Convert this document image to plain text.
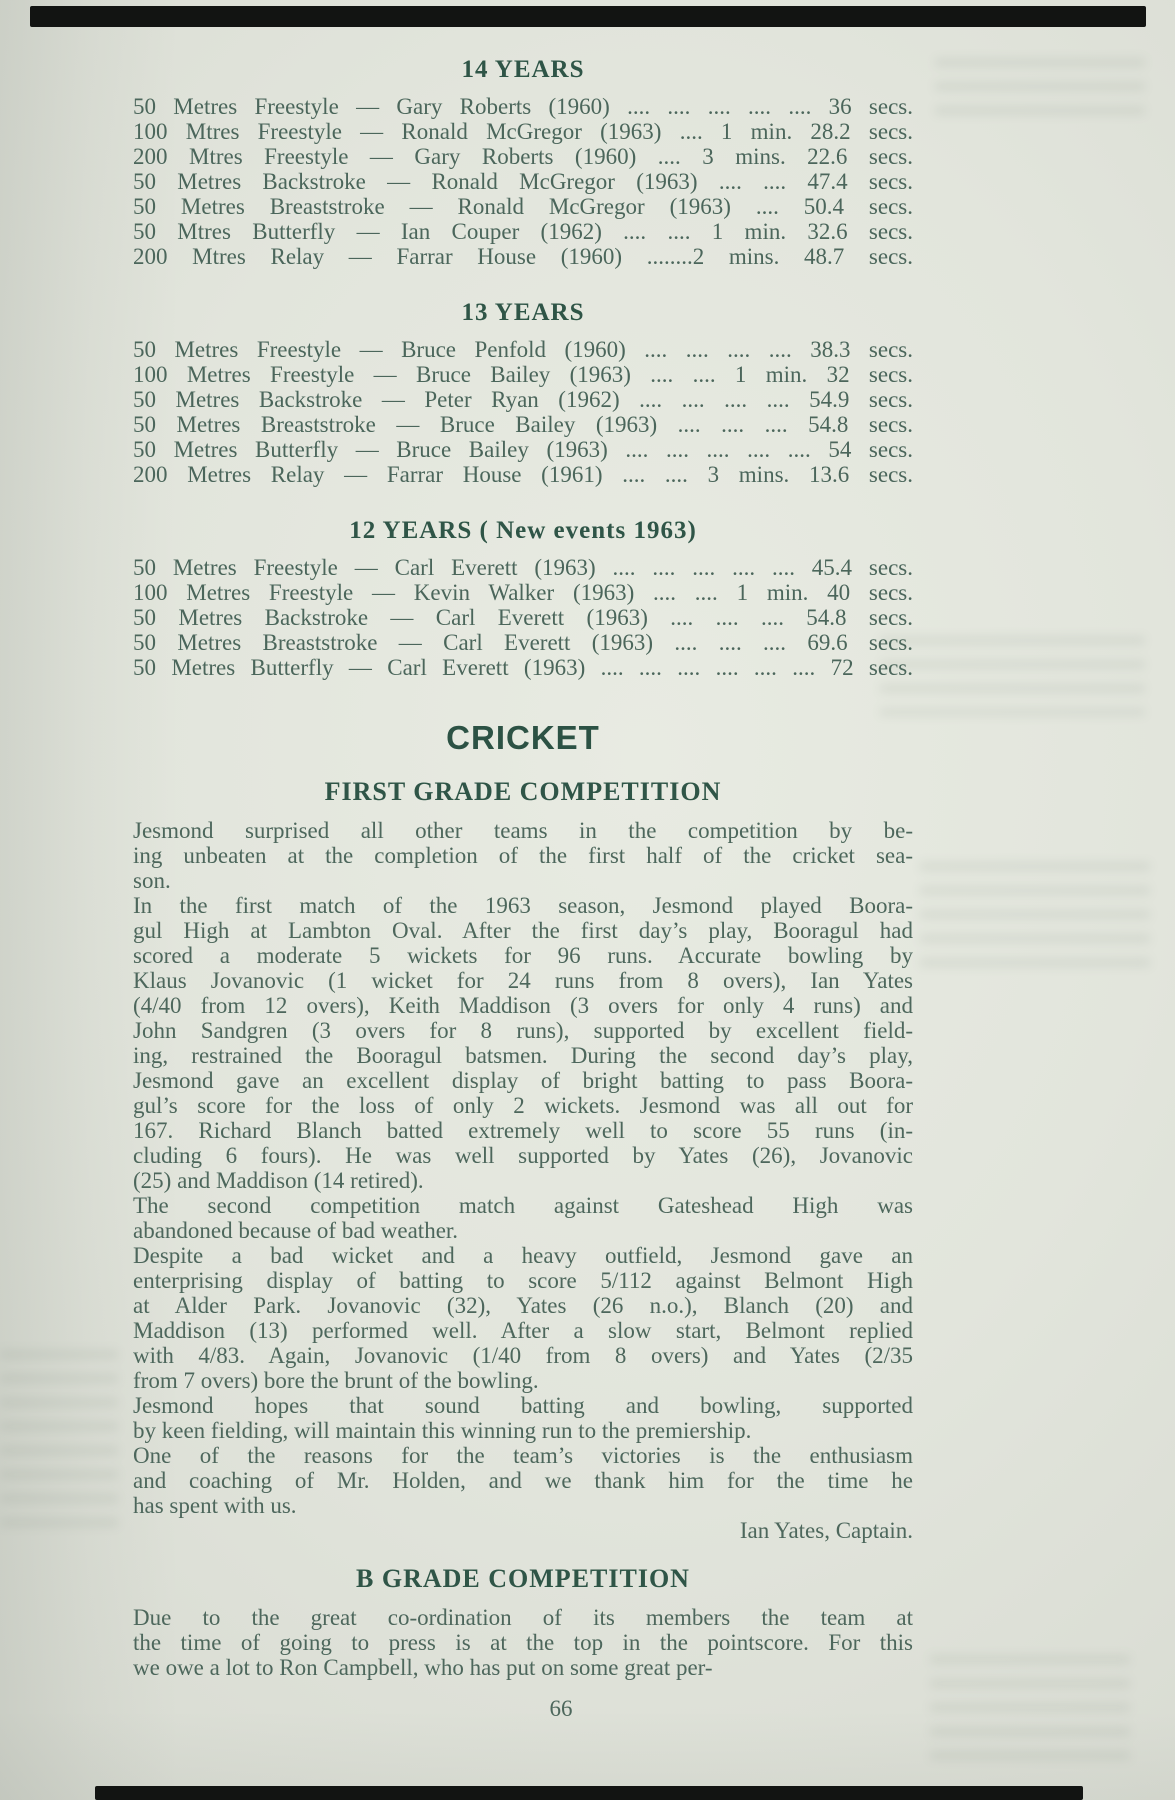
14 YEARS
50 Metres Freestyle — Gary Roberts (1960) .... .... .... .... .... 36 secs.
100 Mtres Freestyle — Ronald McGregor (1963) .... 1 min. 28.2 secs.
200 Mtres Freestyle — Gary Roberts (1960) .... 3 mins. 22.6 secs.
50 Metres Backstroke — Ronald McGregor (1963) .... .... 47.4 secs.
50 Metres Breaststroke — Ronald McGregor (1963) .... 50.4 secs.
50 Mtres Butterfly — Ian Couper (1962) .... .... 1 min. 32.6 secs.
200 Mtres Relay — Farrar House (1960) ........2 mins. 48.7 secs.
13 YEARS
50 Metres Freestyle — Bruce Penfold (1960) .... .... .... .... 38.3 secs.
100 Metres Freestyle — Bruce Bailey (1963) .... .... 1 min. 32 secs.
50 Metres Backstroke — Peter Ryan (1962) .... .... .... .... 54.9 secs.
50 Metres Breaststroke — Bruce Bailey (1963) .... .... .... 54.8 secs.
50 Metres Butterfly — Bruce Bailey (1963) .... .... .... .... .... 54 secs.
200 Metres Relay — Farrar House (1961) .... .... 3 mins. 13.6 secs.
12 YEARS ( New events 1963)
50 Metres Freestyle — Carl Everett (1963) .... .... .... .... .... 45.4 secs.
100 Metres Freestyle — Kevin Walker (1963) .... .... 1 min. 40 secs.
50 Metres Backstroke — Carl Everett (1963) .... .... .... 54.8 secs.
50 Metres Breaststroke — Carl Everett (1963) .... .... .... 69.6 secs.
50 Metres Butterfly — Carl Everett (1963) .... .... .... .... .... .... 72 secs.
CRICKET
FIRST GRADE COMPETITION
Jesmond surprised all other teams in the competition by be-
ing unbeaten at the completion of the first half of the cricket sea-
son.
In the first match of the 1963 season, Jesmond played Boora-
gul High at Lambton Oval. After the first day’s play, Booragul had
scored a moderate 5 wickets for 96 runs. Accurate bowling by
Klaus Jovanovic (1 wicket for 24 runs from 8 overs), Ian Yates
(4/40 from 12 overs), Keith Maddison (3 overs for only 4 runs) and
John Sandgren (3 overs for 8 runs), supported by excellent field-
ing, restrained the Booragul batsmen. During the second day’s play,
Jesmond gave an excellent display of bright batting to pass Boora-
gul’s score for the loss of only 2 wickets. Jesmond was all out for
167. Richard Blanch batted extremely well to score 55 runs (in-
cluding 6 fours). He was well supported by Yates (26), Jovanovic
(25) and Maddison (14 retired).
The second competition match against Gateshead High was
abandoned because of bad weather.
Despite a bad wicket and a heavy outfield, Jesmond gave an
enterprising display of batting to score 5/112 against Belmont High
at Alder Park. Jovanovic (32), Yates (26 n.o.), Blanch (20) and
Maddison (13) performed well. After a slow start, Belmont replied
with 4/83. Again, Jovanovic (1/40 from 8 overs) and Yates (2/35
from 7 overs) bore the brunt of the bowling.
Jesmond hopes that sound batting and bowling, supported
by keen fielding, will maintain this winning run to the premiership.
One of the reasons for the team’s victories is the enthusiasm
and coaching of Mr. Holden, and we thank him for the time he
has spent with us.
Ian Yates, Captain.
B GRADE COMPETITION
Due to the great co-ordination of its members the team at
the time of going to press is at the top in the pointscore. For this
we owe a lot to Ron Campbell, who has put on some great per-
66
